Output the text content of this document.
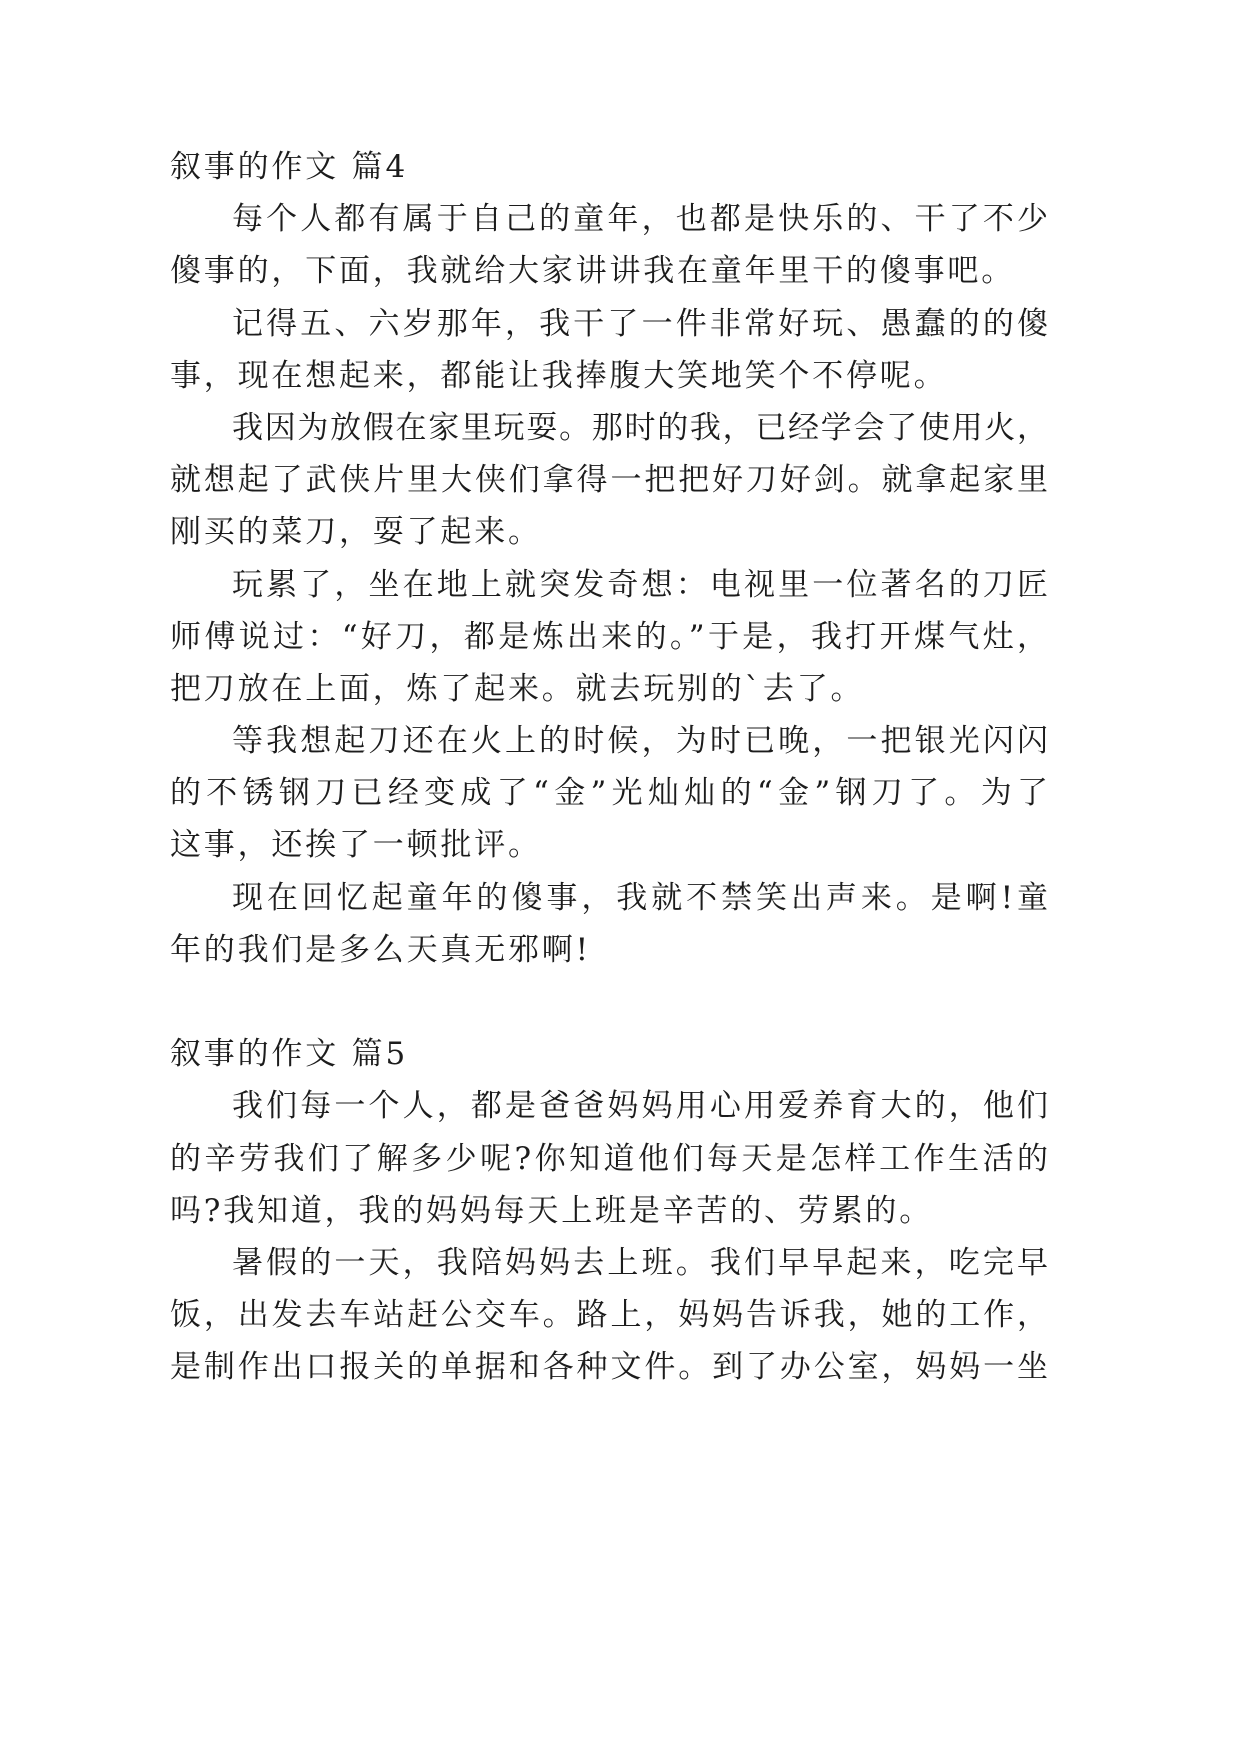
叙事的作文 篇4
每个人都有属于自己的童年，也都是快乐的、干了不少
傻事的，下面，我就给大家讲讲我在童年里干的傻事吧。
记得五、六岁那年，我干了一件非常好玩、愚蠢的的傻
事，现在想起来，都能让我捧腹大笑地笑个不停呢。
我因为放假在家里玩耍。那时的我，已经学会了使用火，
就想起了武侠片里大侠们拿得一把把好刀好剑。就拿起家里
刚买的菜刀，耍了起来。
玩累了，坐在地上就突发奇想：电视里一位著名的刀匠
师傅说过：“好刀，都是炼出来的。”于是，我打开煤气灶，
把刀放在上面，炼了起来。就去玩别的`去了。
等我想起刀还在火上的时候，为时已晚，一把银光闪闪
的不锈钢刀已经变成了“金”光灿灿的“金”钢刀了。为了
这事，还挨了一顿批评。
现在回忆起童年的傻事，我就不禁笑出声来。是啊!童
年的我们是多么天真无邪啊!
叙事的作文 篇5
我们每一个人，都是爸爸妈妈用心用爱养育大的，他们
的辛劳我们了解多少呢?你知道他们每天是怎样工作生活的
吗?我知道，我的妈妈每天上班是辛苦的、劳累的。
暑假的一天，我陪妈妈去上班。我们早早起来，吃完早
饭，出发去车站赶公交车。路上，妈妈告诉我，她的工作，
是制作出口报关的单据和各种文件。到了办公室，妈妈一坐
